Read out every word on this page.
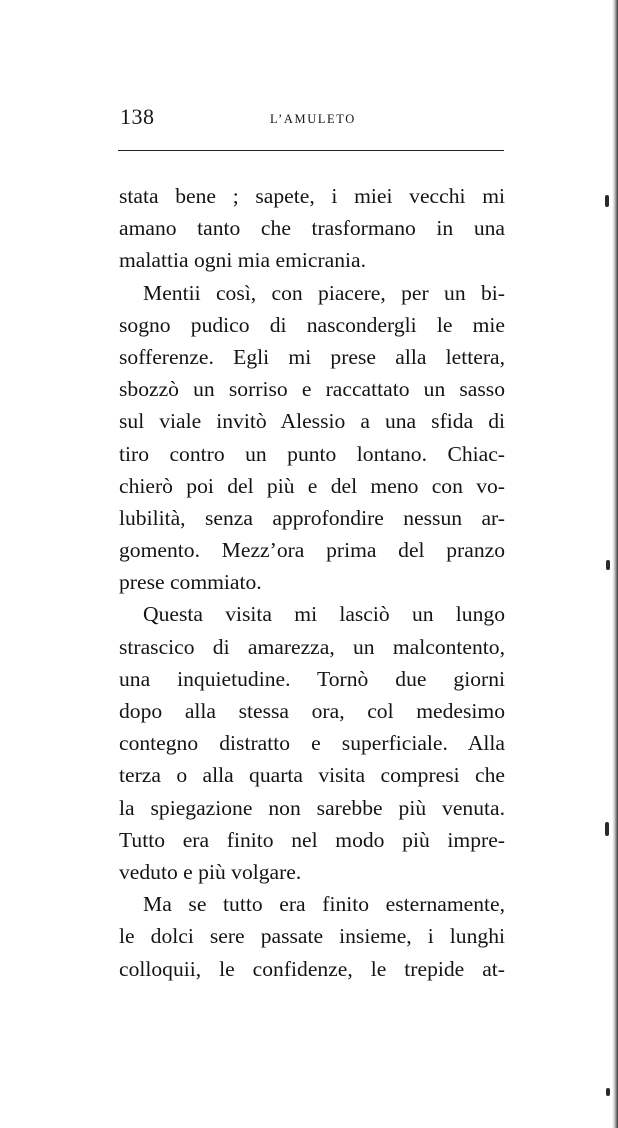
138	L’AMULETO
stata bene ; sapete, i miei vecchi mi
amano tanto che trasformano in una
malattia ogni mia emicrania.
Mentii così, con piacere, per un bi-
sogno pudico di nascondergli le mie
sofferenze. Egli mi prese alla lettera,
sbozzò un sorriso e raccattato un sasso
sul viale invitò Alessio a una sfida di
tiro contro un punto lontano. Chiac-
chierò poi del più e del meno con vo-
lubilità, senza approfondire nessun ar-
gomento. Mezz’ora prima del pranzo
prese commiato.
Questa visita mi lasciò un lungo
strascico di amarezza, un malcontento,
una inquietudine. Tornò due giorni
dopo alla stessa ora, col medesimo
contegno distratto e superficiale. Alla
terza o alla quarta visita compresi che
la spiegazione non sarebbe più venuta.
Tutto era finito nel modo più impre-
veduto e più volgare.
Ma se tutto era finito esternamente,
le dolci sere passate insieme, i lunghi
colloquii, le confidenze, le trepide at-
